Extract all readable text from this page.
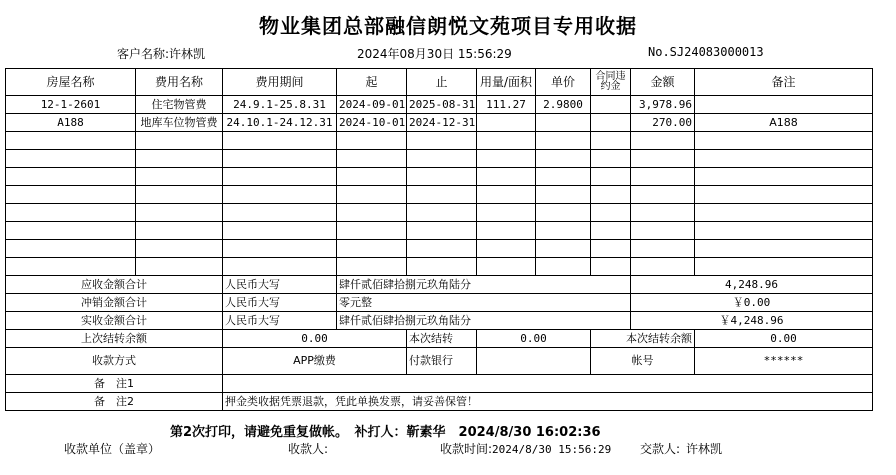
物业集团总部融信朗悦文苑项目专用收据
客户名称:许林凯	2024年08月30日 15:56:29	No.SJ24083000013
房屋名称	费用名称	费用期间	起	止	用量/面积	单价	合同违约金	金额	备注
12-1-2601	住宅物管费	24.9.1-25.8.31	2024-09-01	2025-08-31	111.27	2.9800		3,978.96	
A188	地库车位物管费	24.10.1-24.12.31	2024-10-01	2024-12-31				270.00	A188

应收金额合计		人民币大写	肆仟贰佰肆拾捌元玖角陆分					4,248.96	
冲销金额合计		人民币大写	零元整					￥0.00	
实收金额合计		人民币大写	肆仟贰佰肆拾捌元玖角陆分					￥4,248.96	
上次结转余额		0.00		本次结转	0.00		本次结转余额		0.00
收款方式		APP缴费		付款银行			帐号		******
备　注1									
备　注2		押金类收据凭票退款，凭此单换发票，请妥善保管！							
第2次打印，请避免重复做帐。　补打人：靳素华　2024/8/30 16:02:36
收款单位（盖章）	收款人:	收款时间:2024/8/30 15:56:29 交款人: 许林凯
